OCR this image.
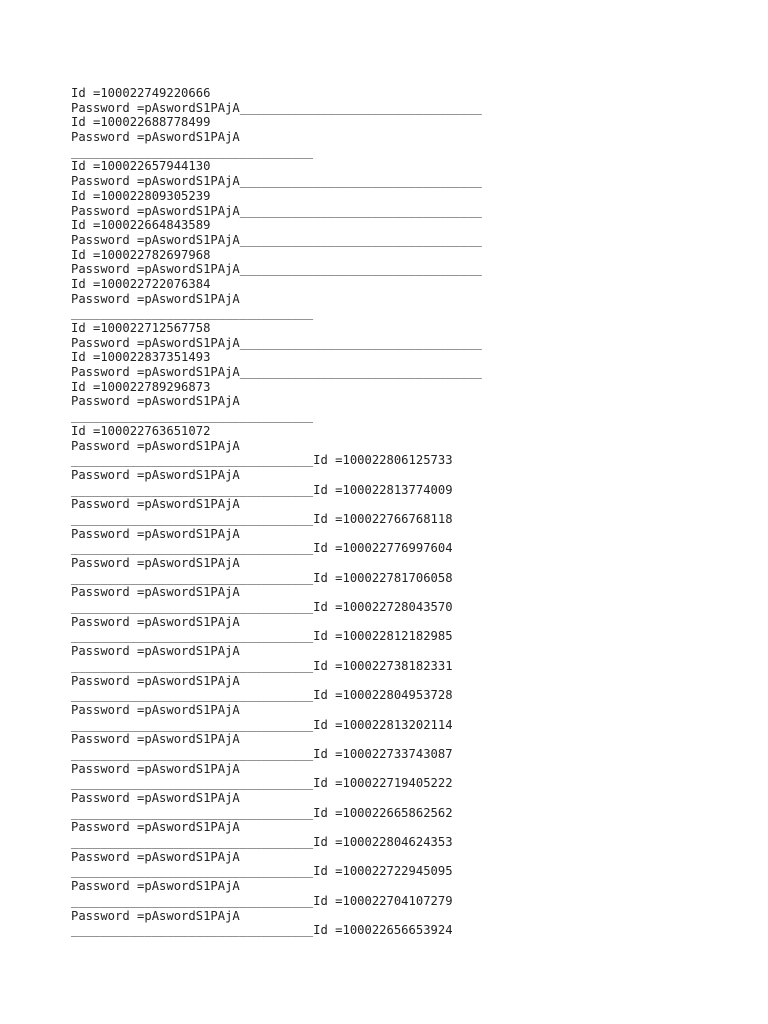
Id =100022749220666
Password =pAswordS1PAjA_________________________________
Id =100022688778499
Password =pAswordS1PAjA
_________________________________
Id =100022657944130
Password =pAswordS1PAjA_________________________________
Id =100022809305239
Password =pAswordS1PAjA_________________________________
Id =100022664843589
Password =pAswordS1PAjA_________________________________
Id =100022782697968
Password =pAswordS1PAjA_________________________________
Id =100022722076384
Password =pAswordS1PAjA
_________________________________
Id =100022712567758
Password =pAswordS1PAjA_________________________________
Id =100022837351493
Password =pAswordS1PAjA_________________________________
Id =100022789296873
Password =pAswordS1PAjA
_________________________________
Id =100022763651072
Password =pAswordS1PAjA
_________________________________Id =100022806125733
Password =pAswordS1PAjA
_________________________________Id =100022813774009
Password =pAswordS1PAjA
_________________________________Id =100022766768118
Password =pAswordS1PAjA
_________________________________Id =100022776997604
Password =pAswordS1PAjA
_________________________________Id =100022781706058
Password =pAswordS1PAjA
_________________________________Id =100022728043570
Password =pAswordS1PAjA
_________________________________Id =100022812182985
Password =pAswordS1PAjA
_________________________________Id =100022738182331
Password =pAswordS1PAjA
_________________________________Id =100022804953728
Password =pAswordS1PAjA
_________________________________Id =100022813202114
Password =pAswordS1PAjA
_________________________________Id =100022733743087
Password =pAswordS1PAjA
_________________________________Id =100022719405222
Password =pAswordS1PAjA
_________________________________Id =100022665862562
Password =pAswordS1PAjA
_________________________________Id =100022804624353
Password =pAswordS1PAjA
_________________________________Id =100022722945095
Password =pAswordS1PAjA
_________________________________Id =100022704107279
Password =pAswordS1PAjA
_________________________________Id =100022656653924
